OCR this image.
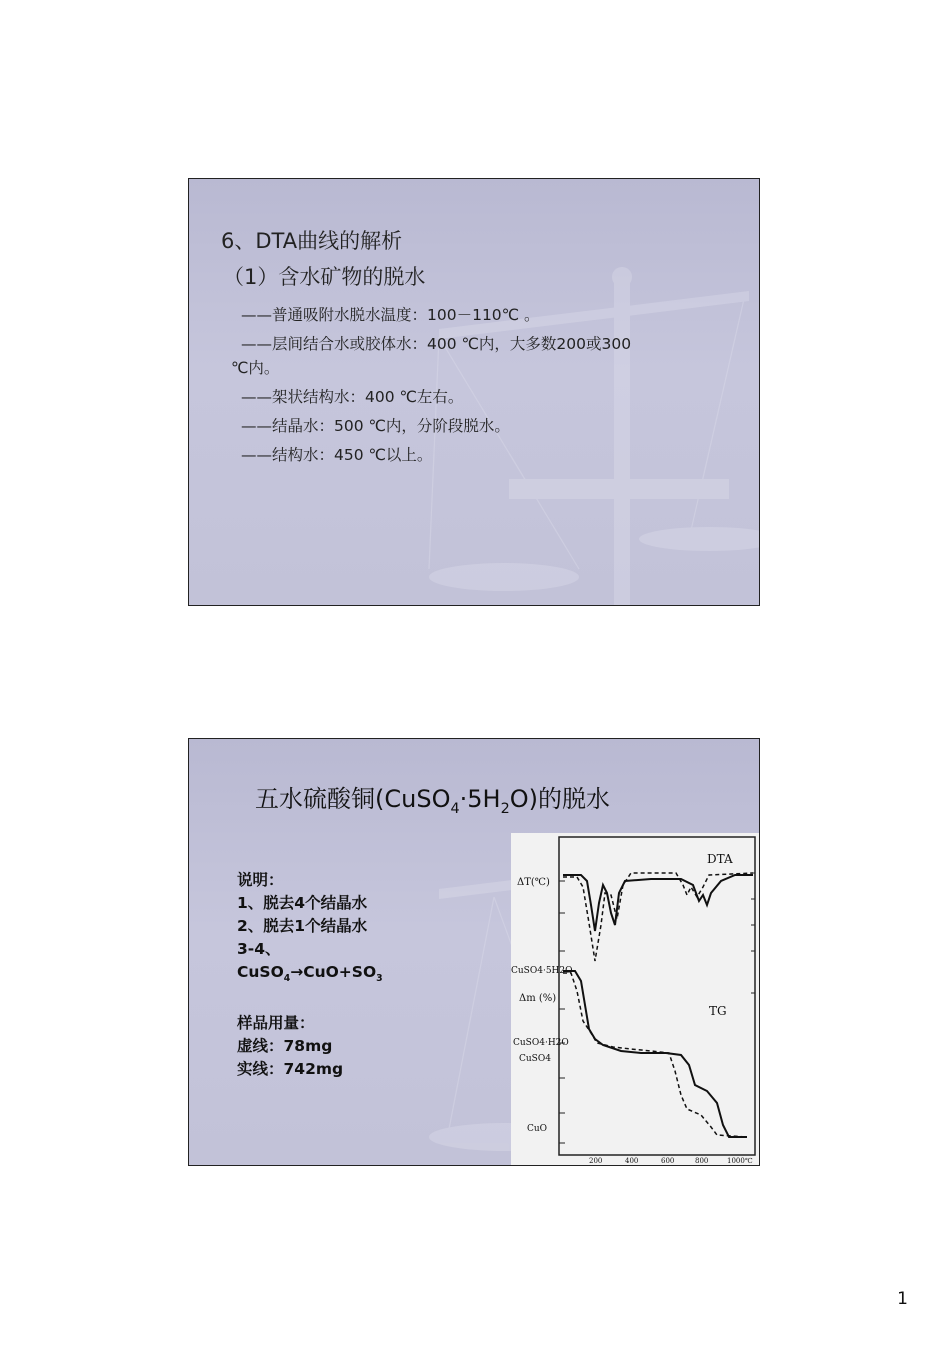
6、DTA曲线的解析
（1）含水矿物的脱水
——普通吸附水脱水温度：100－110℃ 。
——层间结合水或胶体水：400 ℃内，大多数200或300
℃内。
——架状结构水：400 ℃左右。
——结晶水：500 ℃内，分阶段脱水。
——结构水：450 ℃以上。
五水硫酸铜$(CuSO_4\cdot 5H_2O)$的脱水
说明：
1、脱去4个结晶水
2、脱去1个结晶水
3-4、
$CuSO_4\to CuO+SO_3$
样品用量：
虚线：78mg
实线：742mg
DTA
TG
ΔT(℃)
CuSO4·5H2O
Δm (%)
CuSO4·H2O
CuSO4
CuO
200	400	600	800	1000℃
1
